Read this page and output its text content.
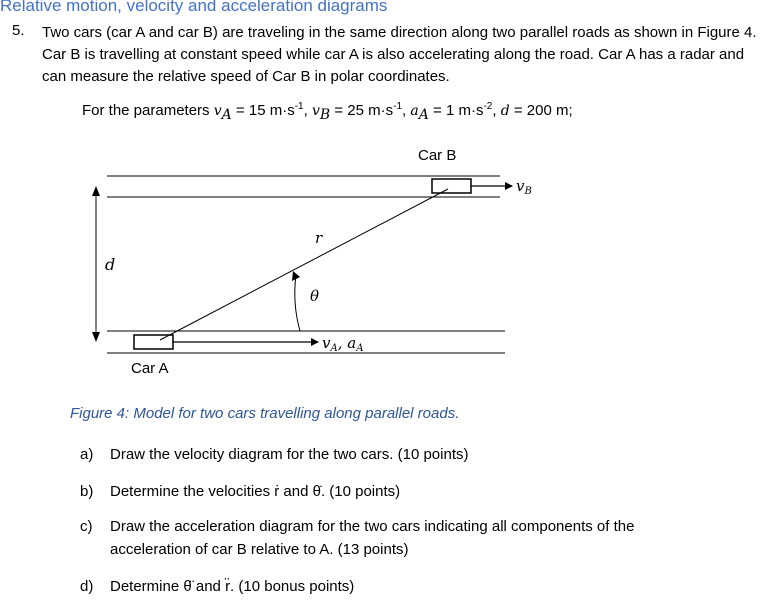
Relative motion, velocity and acceleration diagrams
5. Two cars (car A and car B) are traveling in the same direction along two parallel roads as shown in Figure 4. Car B is travelling at constant speed while car A is also accelerating along the road. Car A has a radar and can measure the relative speed of Car B in polar coordinates.
For the parameters $v_A = 15$ $m\cdot s^{-1}$, $v_B = 25$ $m\cdot s^{-1}$, $a_A = 1$ $m\cdot s^{-2}$, d = 200 m;
d
Car B
$v_B$
Car A
$v_A$, $a_A$
r
θ
Figure 4: Model for two cars travelling along parallel roads.
a) Draw the velocity diagram for the two cars. (10 points)
b) Determine the velocities ṙ and θ̇. (10 points)
c) Draw the acceleration diagram for the two cars indicating all components of the acceleration of car B relative to A. (13 points)
d) Determine θ̈ and r̈. (10 bonus points)
